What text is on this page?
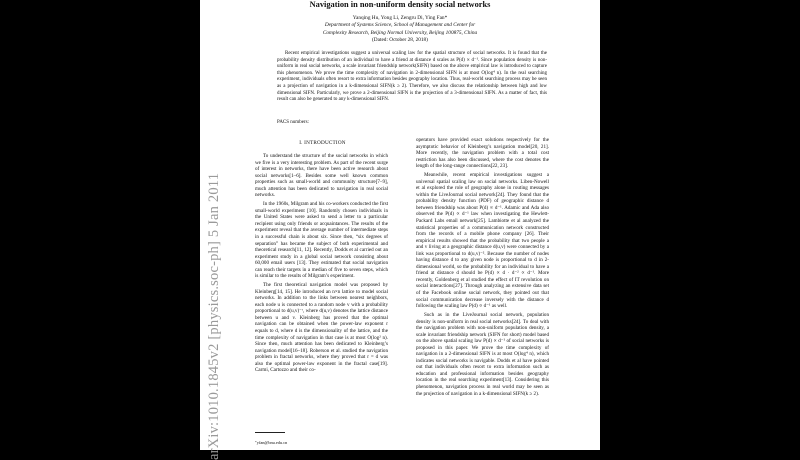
arXiv:1010.1845v2 [physics.soc-ph] 5 Jan 2011
Navigation in non-uniform density social networks
Yanqing Hu, Yong Li, Zengru Di, Ying Fan*
Department of Systems Science, School of Management and Center for
Complexity Research, Beijing Normal University, Beijing 100875, China
(Dated: October 28, 2018)
Recent empirical investigations suggest a universal scaling law for the spatial structure of social networks. It is found that the probability density distribution of an individual to have a friend at distance d scales as P(d) ∝ d⁻¹. Since population density is non-uniform in real social networks, a scale invariant friendship network(SIFN) based on the above empirical law is introduced to capture this phenomenon. We prove the time complexity of navigation in 2-dimensional SIFN is at most O(log⁴ n). In the real searching experiment, individuals often resort to extra information besides geography location. Thus, real-world searching process may be seen as a projection of navigation in a k-dimensional SIFN(k ≥ 2). Therefore, we also discuss the relationship between high and low dimensional SIFN. Particularly, we prove a 2-dimensional SIFN is the projection of a 3-dimensional SIFN. As a matter of fact, this result can also be generated to any k-dimensional SIFN.
PACS numbers:
I. INTRODUCTION

To understand the structure of the social networks in which we five is a very interesting problem. As part of the recent surge of interest in networks, there have been active research about social networks[1–6]. Besides some well known common properties such as small-world and community structure[7–9], much attention has been dedicated to navigation in real social networks.

In the 1960s, Milgram and his co-workers conducted the first small-world experiment [10]. Randomly chosen individuals in the United States were asked to send a letter to a particular recipient using only friends or acquaintances. The results of the experiment reveal that the average number of intermediate steps in a successful chain is about six. Since then, “six degrees of separation” has became the subject of both experimental and theoretical research[11, 12]. Recently, Dodds et al carried out an experiment study in a global social network consisting about 60,000 email users [13]. They estimated that social navigation can reach their targets in a median of five to seven steps, which is similar to the results of Milgram’s experiment.

The first theoretical navigation model was proposed by Kleinberg[14, 15]. He introduced an n×n lattice to model social networks. In addition to the links between nearest neighbors, each node u is connected to a random node v with a probability proportional to d(u,v)⁻ʳ, where d(u,v) denotes the lattice distance between u and v. Kleinberg has proved that the optimal navigation can be obtained when the power-law exponent r equals to d, where d is the dimensionality of the lattice, and the time complexity of navigation in that case is at most O(log² n). Since then, much attention has been dedicated to Kleinberg’s navigation model[16–18]. Roberson et al. studied the navigation problem in fractal networks, where they proved that r = d was also the optimal power-law exponent in the fractal case[19]. Carmi, Cartozzo and their co-

operators have provided exact solutions respectively for the asymptotic behavior of Kleinberg’s navigation model[20, 21]. More recently, the navigation problem with a total cost restriction has also been discussed, where the cost denotes the length of the long-range connections[22, 23].

Meanwhile, recent empirical investigations suggest a universal spatial scaling law on social networks. Liben-Nowell et al explored the role of geography alone in routing messages within the LiveJournal social network[24]. They found that the probability density function (PDF) of geographic distance d between friendship was about P(d) ∝ d⁻¹. Adamic and Ada also observed the P(d) ∝ d⁻¹ law when investigating the Hewlett-Packard Labs email network[25]. Lambiotte et al analyzed the statistical properties of a communication network constructed from the records of a mobile phone company [26]. Their empirical results showed that the probability that two people a and v living at a geographic distance d(u,v) were connected by a link was proportional to d(u,v)⁻². Because the number of nodes having distance d to any given node is proportional to d in 2-dimensional world, so the probability for an individual to have a friend at distance d should be P(d) ∝ d · d⁻² ∝ d⁻¹. More recently, Goldenberg et al studied the effect of IT revolution on social interactions[27]. Through analyzing an extensive data set of the Facebook online social network, they pointed out that social communication decrease inversely with the distance d following the scaling law P(d) ∝ d⁻¹ as well.

Such as in the LiveJournal social network, population density is non-uniform in real social networks[24]. To deal with the navigation problem with non-uniform population density, a scale invariant friendship network (SIFN for short) model based on the above spatial scaling law P(d) ∝ d⁻¹ of social networks is proposed in this paper. We prove the time complexity of navigation in a 2-dimensional SIFN is at most O(log⁴ n), which indicates social networks is navigable. Dodds et al have pointed out that individuals often resort to extra information such as education and professional information besides geography location in the real searching experiment[13]. Considering this phenomenon, navigation process in real world may be seen as the projection of navigation in a k-dimensional SIFN(k ≥ 2).

*yfan@bnu.edu.cn
